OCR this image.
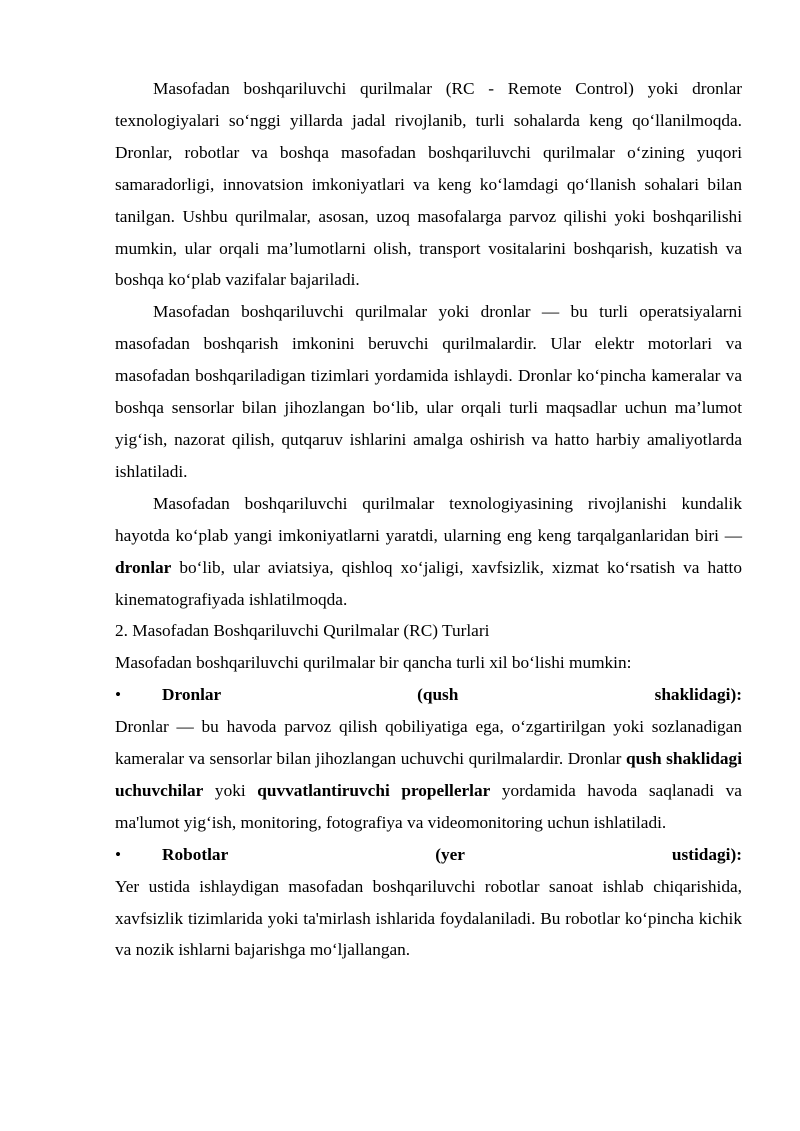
Masofadan boshqariluvchi qurilmalar (RC - Remote Control) yoki dronlar texnologiyalari so‘nggi yillarda jadal rivojlanib, turli sohalarda keng qo‘llanilmoqda. Dronlar, robotlar va boshqa masofadan boshqariluvchi qurilmalar o‘zining yuqori samaradorligi, innovatsion imkoniyatlari va keng ko‘lamdagi qo‘llanish sohalari bilan tanilgan. Ushbu qurilmalar, asosan, uzoq masofalarga parvoz qilishi yoki boshqarilishi mumkin, ular orqali ma’lumotlarni olish, transport vositalarini boshqarish, kuzatish va boshqa ko‘plab vazifalar bajariladi.

Masofadan boshqariluvchi qurilmalar yoki dronlar — bu turli operatsiyalarni masofadan boshqarish imkonini beruvchi qurilmalardir. Ular elektr motorlari va masofadan boshqariladigan tizimlari yordamida ishlaydi. Dronlar ko‘pincha kameralar va boshqa sensorlar bilan jihozlangan bo‘lib, ular orqali turli maqsadlar uchun ma’lumot yig‘ish, nazorat qilish, qutqaruv ishlarini amalga oshirish va hatto harbiy amaliyotlarda ishlatiladi.

Masofadan boshqariluvchi qurilmalar texnologiyasining rivojlanishi kundalik hayotda ko‘plab yangi imkoniyatlarni yaratdi, ularning eng keng tarqalganlaridan biri — dronlar bo‘lib, ular aviatsiya, qishloq xo‘jaligi, xavfsizlik, xizmat ko‘rsatish va hatto kinematografiyada ishlatilmoqda.

2. Masofadan Boshqariluvchi Qurilmalar (RC) Turlari

Masofadan boshqariluvchi qurilmalar bir qancha turli xil bo‘lishi mumkin:

• Dronlar (qush shaklidagi):

Dronlar — bu havoda parvoz qilish qobiliyatiga ega, o‘zgartirilgan yoki sozlanadigan kameralar va sensorlar bilan jihozlangan uchuvchi qurilmalardir. Dronlar qush shaklidagi uchuvchilar yoki quvvatlantiruvchi propellerlar yordamida havoda saqlanadi va ma'lumot yig‘ish, monitoring, fotografiya va videomonitoring uchun ishlatiladi.

• Robotlar (yer ustidagi):

Yer ustida ishlaydigan masofadan boshqariluvchi robotlar sanoat ishlab chiqarishida, xavfsizlik tizimlarida yoki ta'mirlash ishlarida foydalaniladi. Bu robotlar ko‘pincha kichik va nozik ishlarni bajarishga mo‘ljallangan.
